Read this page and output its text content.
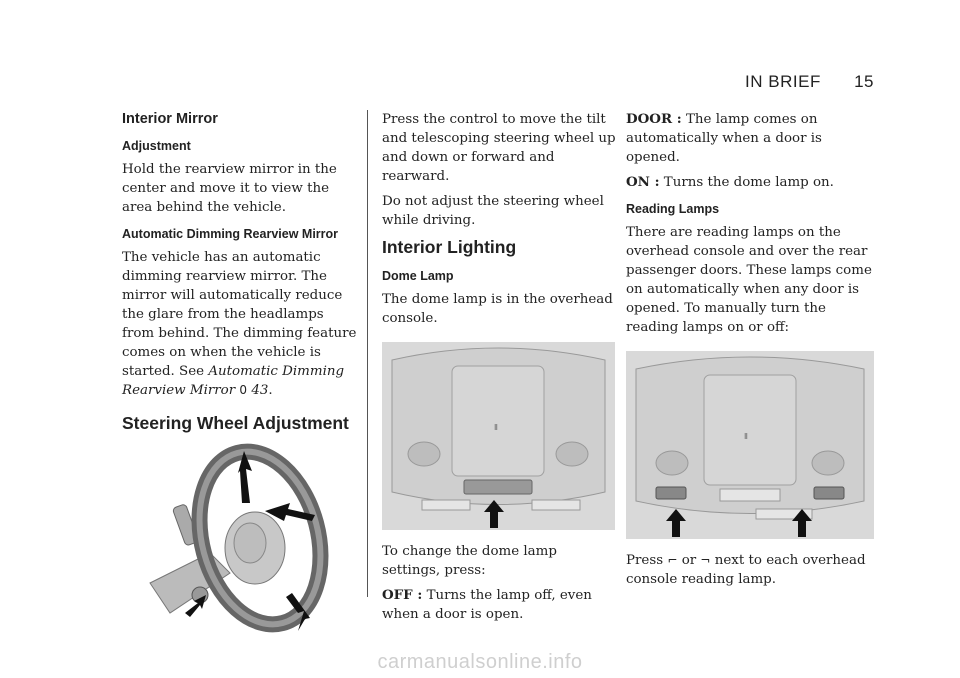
IN BRIEF 15
Interior Mirror
Adjustment

Hold the rearview mirror in the center and move it to view the area behind the vehicle.

Automatic Dimming Rearview Mirror

The vehicle has an automatic dimming rearview mirror. The mirror will automatically reduce the glare from the headlamps from behind. The dimming feature comes on when the vehicle is started. See Automatic Dimming Rearview Mirror 0 43.

Steering Wheel Adjustment

Press the control to move the tilt and telescoping steering wheel up and down or forward and rearward.

Do not adjust the steering wheel while driving.

Interior Lighting
Dome Lamp

The dome lamp is in the overhead console.

Ⅱ

To change the dome lamp settings, press:

OFF : Turns the lamp off, even when a door is open.

DOOR : The lamp comes on automatically when a door is opened.

ON : Turns the dome lamp on.

Reading Lamps

There are reading lamps on the overhead console and over the rear passenger doors. These lamps come on automatically when any door is opened. To manually turn the reading lamps on or off:

Ⅱ

Press ⌐ or ¬ next to each overhead console reading lamp.

carmanualsonline.info
